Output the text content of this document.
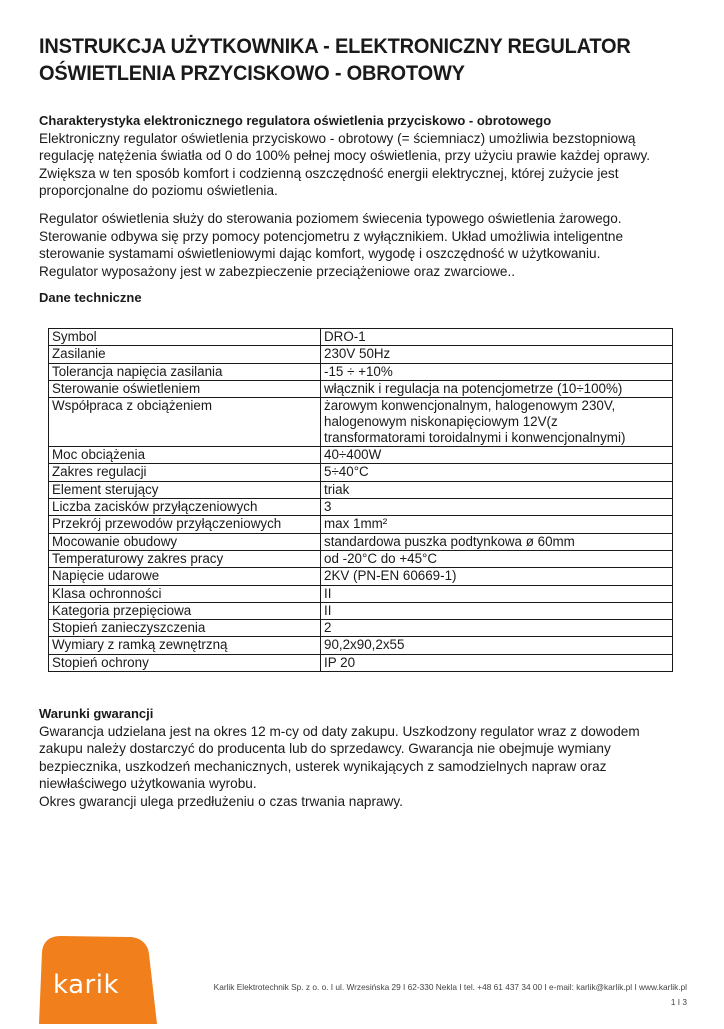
INSTRUKCJA UŻYTKOWNIKA - ELEKTRONICZNY REGULATOR
OŚWIETLENIA PRZYCISKOWO - OBROTOWY
Charakterystyka elektronicznego regulatora oświetlenia przyciskowo - obrotowego

Elektroniczny regulator oświetlenia przyciskowo - obrotowy (= ściemniacz) umożliwia bezstopniową

regulację natężenia światła od 0 do 100% pełnej mocy oświetlenia, przy użyciu prawie każdej oprawy.

Zwiększa w ten sposób komfort i codzienną oszczędność energii elektrycznej, której zużycie jest

proporcjonalne do poziomu oświetlenia.

Regulator oświetlenia służy do sterowania poziomem świecenia typowego oświetlenia żarowego.

Sterowanie odbywa się przy pomocy potencjometru z wyłącznikiem. Układ umożliwia inteligentne

sterowanie systamami oświetleniowymi dając komfort, wygodę i oszczędność w użytkowaniu.

Regulator wyposażony jest w zabezpieczenie przeciążeniowe oraz zwarciowe..

Dane techniczne
Symbol	DRO-1
Zasilanie	230V 50Hz
Tolerancja napięcia zasilania	-15 ÷ +10%
Sterowanie oświetleniem	włącznik i regulacja na potencjometrze (10÷100%)
Współpraca z obciążeniem	żarowym konwencjonalnym, halogenowym 230V,
halogenowym niskonapięciowym 12V(z
transformatorami toroidalnymi i konwencjonalnymi)
Moc obciążenia	40÷400W
Zakres regulacji	5÷40°C
Element sterujący	triak
Liczba zacisków przyłączeniowych	3
Przekrój przewodów przyłączeniowych	max 1mm²
Mocowanie obudowy	standardowa puszka podtynkowa ø 60mm
Temperaturowy zakres pracy	od -20°C do +45°C
Napięcie udarowe	2KV (PN-EN 60669-1)
Klasa ochronności	II
Kategoria przepięciowa	II
Stopień zanieczyszczenia	2
Wymiary z ramką zewnętrzną	90,2x90,2x55
Stopień ochrony	IP 20
Warunki gwarancji

Gwarancja udzielana jest na okres 12 m-cy od daty zakupu. Uszkodzony regulator wraz z dowodem

zakupu należy dostarczyć do producenta lub do sprzedawcy. Gwarancja nie obejmuje wymiany

bezpiecznika, uszkodzeń mechanicznych, usterek wynikających z samodzielnych napraw oraz

niewłaściwego użytkowania wyrobu.

Okres gwarancji ulega przedłużeniu o czas trwania naprawy.

karik	Karlik Elektrotechnik Sp. z o. o. I ul. Wrzesińska 29 I 62-330 Nekla I tel. +48 61 437 34 00 I e-mail: karlik@karlik.pl I www.karlik.pl
1 I 3
